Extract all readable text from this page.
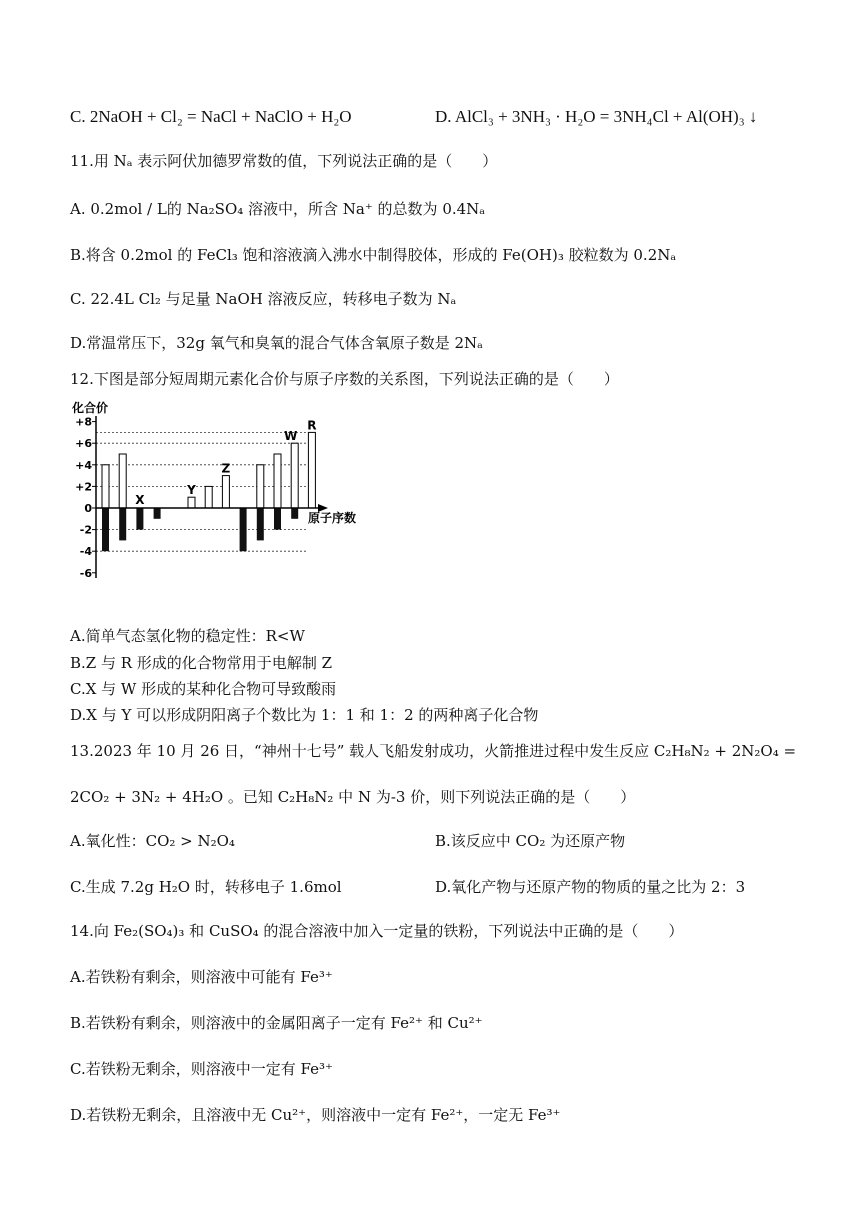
C. 2NaOH + Cl₂ = NaCl + NaClO + H₂O	D. AlCl₃ + 3NH₃ · H₂O = 3NH₄Cl + Al(OH)₃ ↓
11.用 Nₐ 表示阿伏加德罗常数的值，下列说法正确的是（　　）
A. 0.2mol / L的 Na₂SO₄ 溶液中，所含 Na⁺ 的总数为 0.4Nₐ
B.将含 0.2mol 的 FeCl₃ 饱和溶液滴入沸水中制得胶体，形成的 Fe(OH)₃ 胶粒数为 0.2Nₐ
C. 22.4L Cl₂ 与足量 NaOH 溶液反应，转移电子数为 Nₐ
D.常温常压下，32g 氧气和臭氧的混合气体含氧原子数是 2Nₐ
12.下图是部分短周期元素化合价与原子序数的关系图，下列说法正确的是（　　）
+8
+6
+4
+2
0
-2
-4
-6
X
Y
Z
W
R
化合价
原子序数
A.简单气态氢化物的稳定性：R<W
B.Z 与 R 形成的化合物常用于电解制 Z
C.X 与 W 形成的某种化合物可导致酸雨
D.X 与 Y 可以形成阴阳离子个数比为 1：1 和 1：2 的两种离子化合物
13.2023 年 10 月 26 日，“神州十七号” 载人飞船发射成功，火箭推进过程中发生反应 C₂H₈N₂ + 2N₂O₄ =
2CO₂ + 3N₂ + 4H₂O 。已知 C₂H₈N₂ 中 N 为-3 价，则下列说法正确的是（　　）
A.氧化性：CO₂ > N₂O₄	B.该反应中 CO₂ 为还原产物
C.生成 7.2g H₂O 时，转移电子 1.6mol	D.氧化产物与还原产物的物质的量之比为 2：3
14.向 Fe₂(SO₄)₃ 和 CuSO₄ 的混合溶液中加入一定量的铁粉，下列说法中正确的是（　　）
A.若铁粉有剩余，则溶液中可能有 Fe³⁺
B.若铁粉有剩余，则溶液中的金属阳离子一定有 Fe²⁺ 和 Cu²⁺
C.若铁粉无剩余，则溶液中一定有 Fe³⁺
D.若铁粉无剩余，且溶液中无 Cu²⁺，则溶液中一定有 Fe²⁺，一定无 Fe³⁺
